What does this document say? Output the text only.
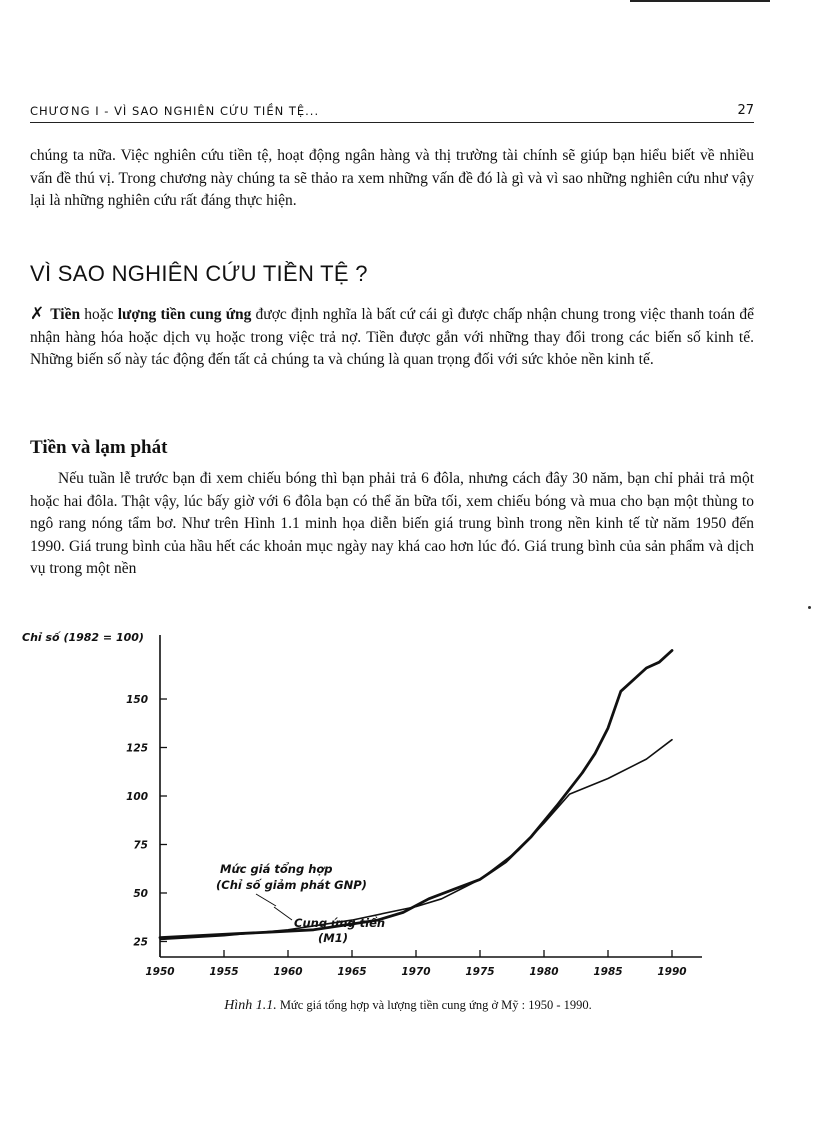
CHƯƠNG I - VÌ SAO NGHIÊN CỨU TIỀN TỆ...	27

chúng ta nữa. Việc nghiên cứu tiền tệ, hoạt động ngân hàng và thị trường tài chính sẽ giúp bạn hiểu biết về nhiều vấn đề thú vị. Trong chương này chúng ta sẽ thảo ra xem những vấn đề đó là gì và vì sao những nghiên cứu như vậy lại là những nghiên cứu rất đáng thực hiện.

VÌ SAO NGHIÊN CỨU TIỀN TỆ ?

✗ Tiền hoặc lượng tiền cung ứng được định nghĩa là bất cứ cái gì được chấp nhận chung trong việc thanh toán để nhận hàng hóa hoặc dịch vụ hoặc trong việc trả nợ. Tiền được gắn với những thay đổi trong các biến số kinh tế. Những biến số này tác động đến tất cả chúng ta và chúng là quan trọng đối với sức khỏe nền kinh tế.

Tiền và lạm phát

Nếu tuần lễ trước bạn đi xem chiếu bóng thì bạn phải trả 6 đôla, nhưng cách đây 30 năm, bạn chỉ phải trả một hoặc hai đôla. Thật vậy, lúc bấy giờ với 6 đôla bạn có thể ăn bữa tối, xem chiếu bóng và mua cho bạn một thùng to ngô rang nóng tẩm bơ. Như trên Hình 1.1 minh họa diễn biến giá trung bình trong nền kinh tế từ năm 1950 đến 1990. Giá trung bình của hầu hết các khoản mục ngày nay khá cao hơn lúc đó. Giá trung bình của sản phẩm và dịch vụ trong một nền

Chỉ số (1982 = 100)
25
50
75
100
125
150
1950	1955	1960	1965	1970	1975	1980	1985	1990
Mức giá tổng hợp
(Chỉ số giảm phát GNP)
Cung ứng tiền
(M1)
Hình 1.1. Mức giá tổng hợp và lượng tiền cung ứng ở Mỹ : 1950 - 1990.
